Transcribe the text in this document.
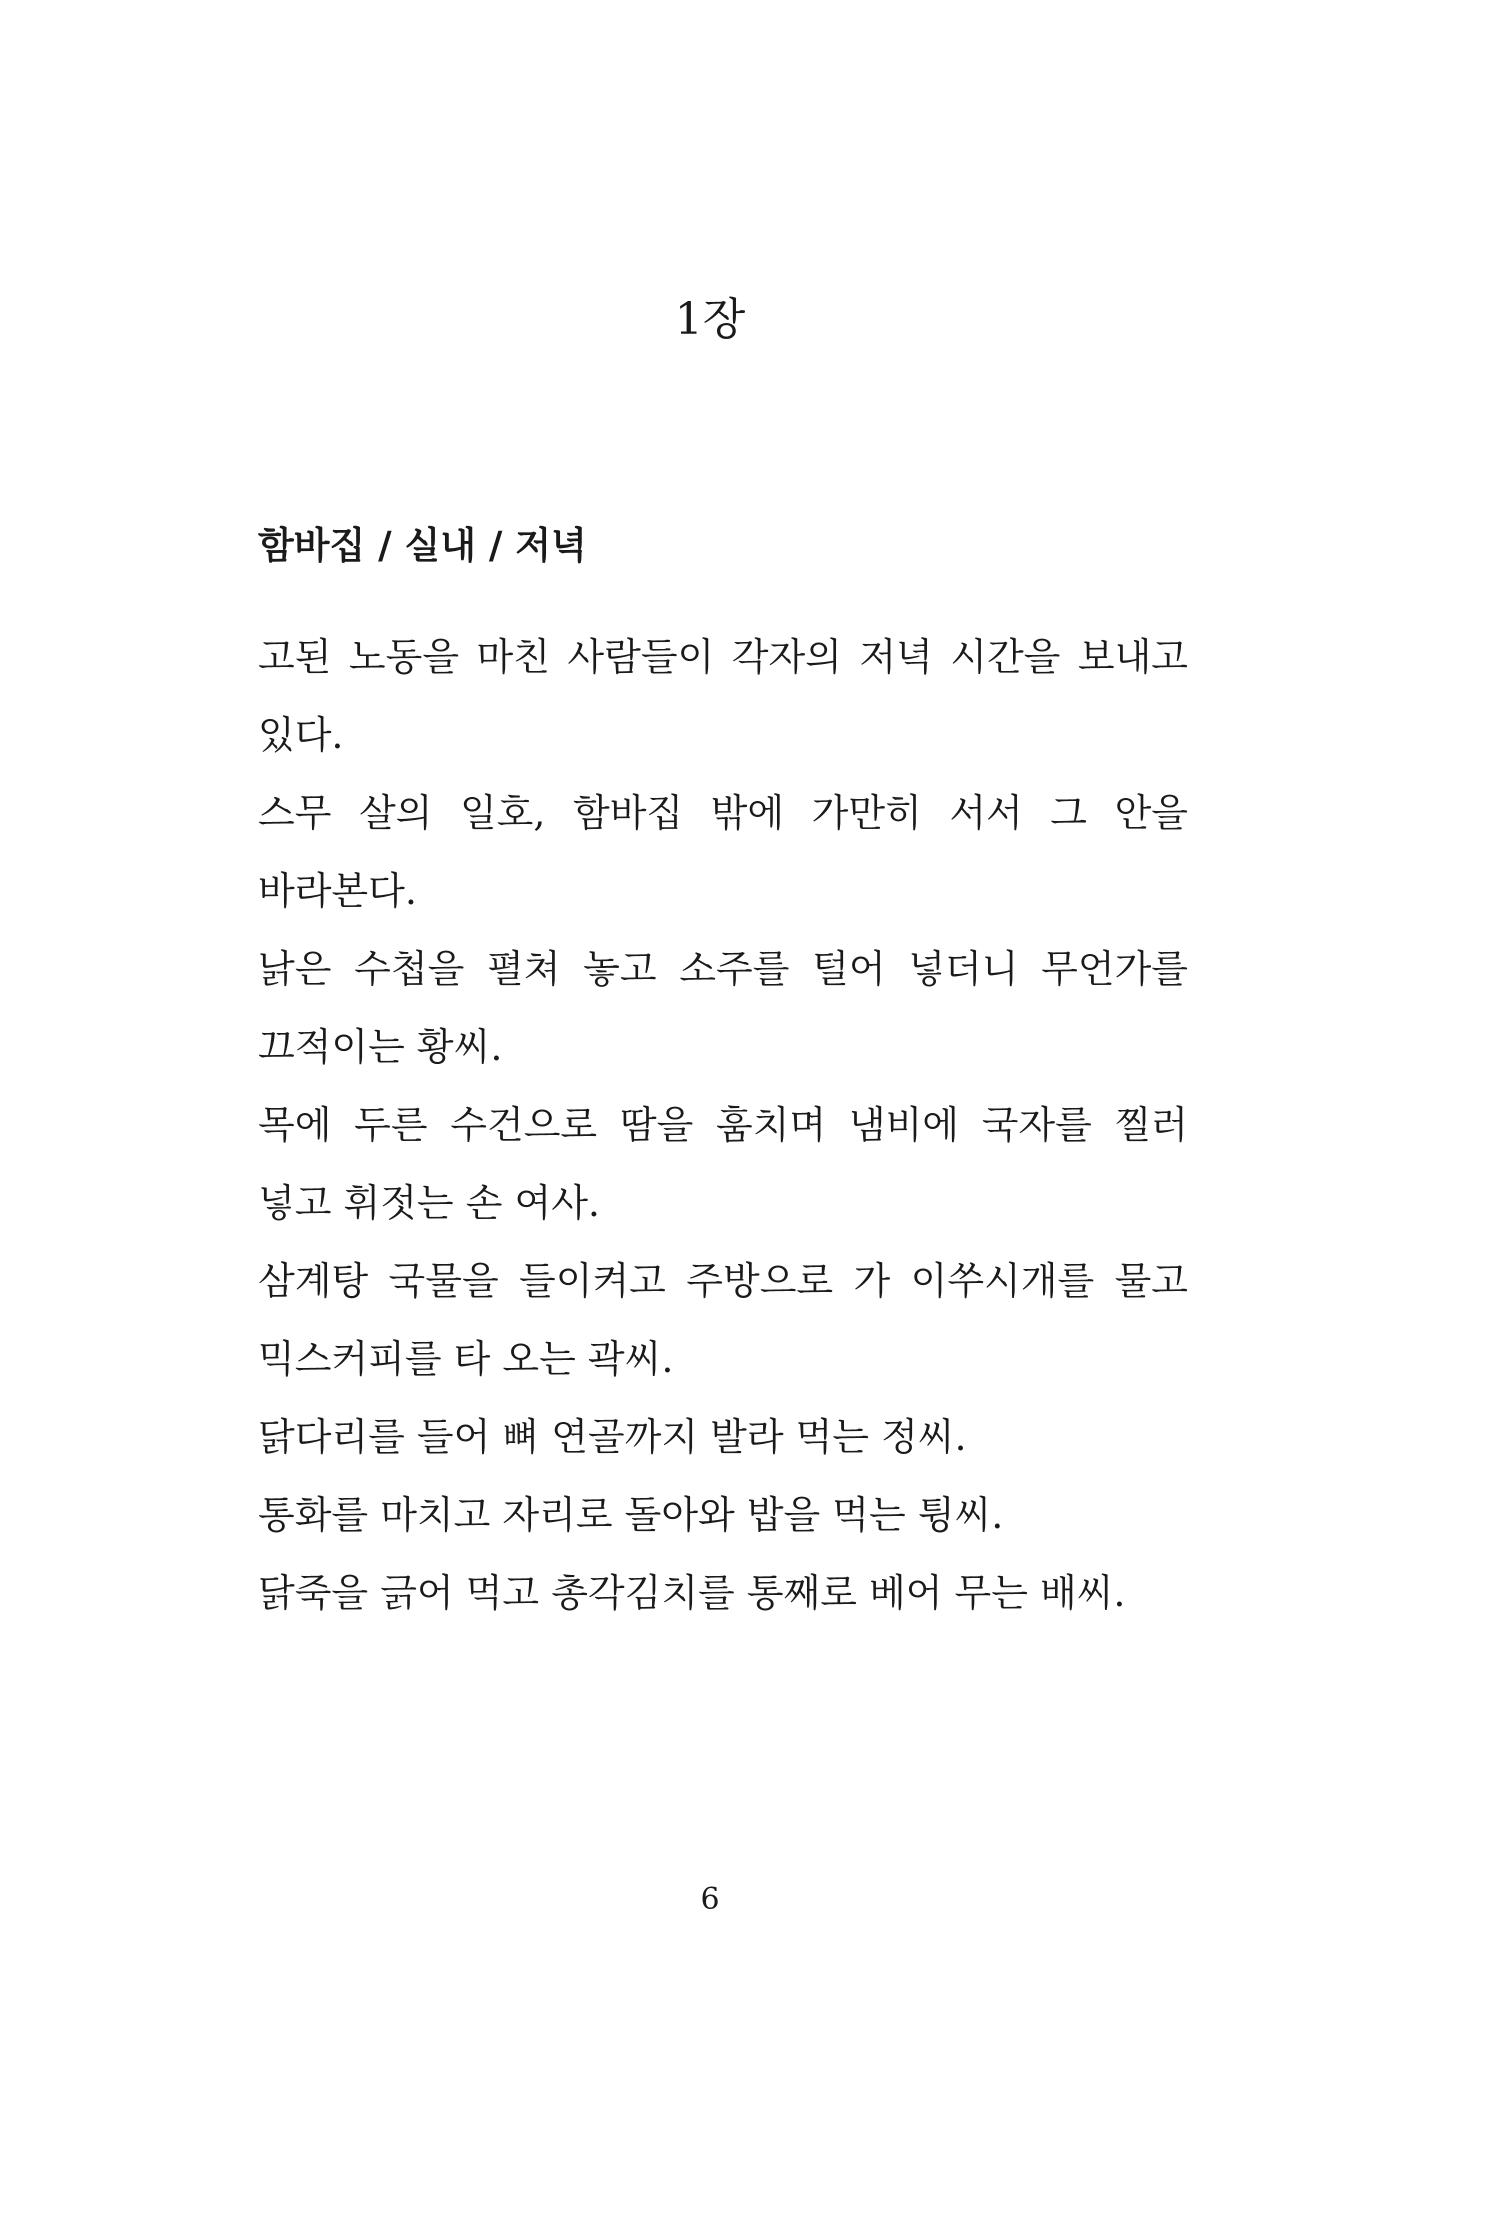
1장
함바집 / 실내 / 저녁

고된 노동을 마친 사람들이 각자의 저녁 시간을 보내고 있다.

스무 살의 일호, 함바집 밖에 가만히 서서 그 안을 바라본다.

낡은 수첩을 펼쳐 놓고 소주를 털어 넣더니 무언가를 끄적이는 황씨.

목에 두른 수건으로 땀을 훔치며 냄비에 국자를 찔러 넣고 휘젓는 손 여사.

삼계탕 국물을 들이켜고 주방으로 가 이쑤시개를 물고 믹스커피를 타 오는 곽씨.

닭다리를 들어 뼈 연골까지 발라 먹는 정씨.

통화를 마치고 자리로 돌아와 밥을 먹는 튕씨.

닭죽을 긁어 먹고 총각김치를 통째로 베어 무는 배씨.

6
